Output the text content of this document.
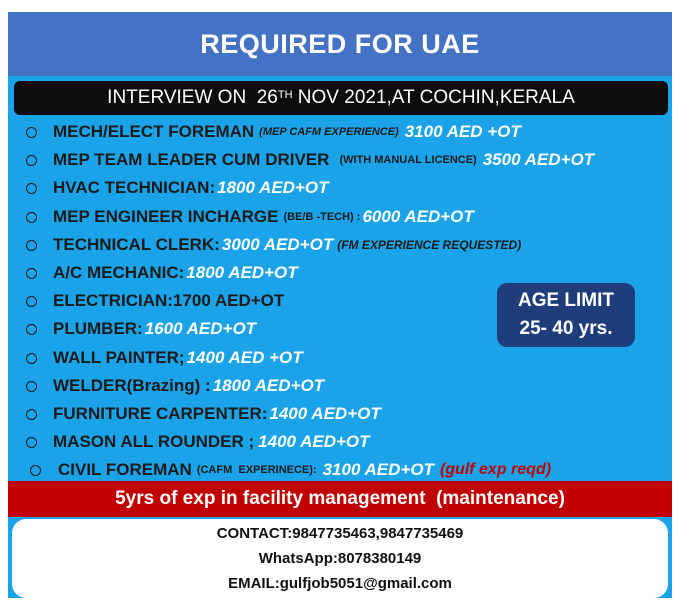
REQUIRED FOR UAE
INTERVIEW ON  26TH NOV 2021,AT COCHIN,KERALA
MECH/ELECT FOREMAN (MEP CAFM EXPERIENCE) 3100 AED +OT
MEP TEAM LEADER CUM DRIVER (WITH MANUAL LICENCE) 3500 AED+OT
HVAC TECHNICIAN: 1800 AED+OT
MEP ENGINEER INCHARGE (BE/B -TECH) : 6000 AED+OT
TECHNICAL CLERK: 3000 AED+OT (FM EXPERIENCE REQUESTED)
A/C MECHANIC: 1800 AED+OT
ELECTRICIAN: 1700 AED+OT
PLUMBER: 1600 AED+OT
WALL PAINTER; 1400 AED +OT
WELDER(Brazing) : 1800 AED+OT
FURNITURE CARPENTER: 1400 AED+OT
MASON ALL ROUNDER ; 1400 AED+OT
CIVIL FOREMAN (CAFM  EXPERINECE): 3100 AED+OT (gulf exp reqd)
AGE LIMIT
25- 40 yrs.
5yrs of exp in facility management  (maintenance)
CONTACT:9847735463,9847735469
WhatsApp:8078380149
EMAIL:gulfjob5051@gmail.com
